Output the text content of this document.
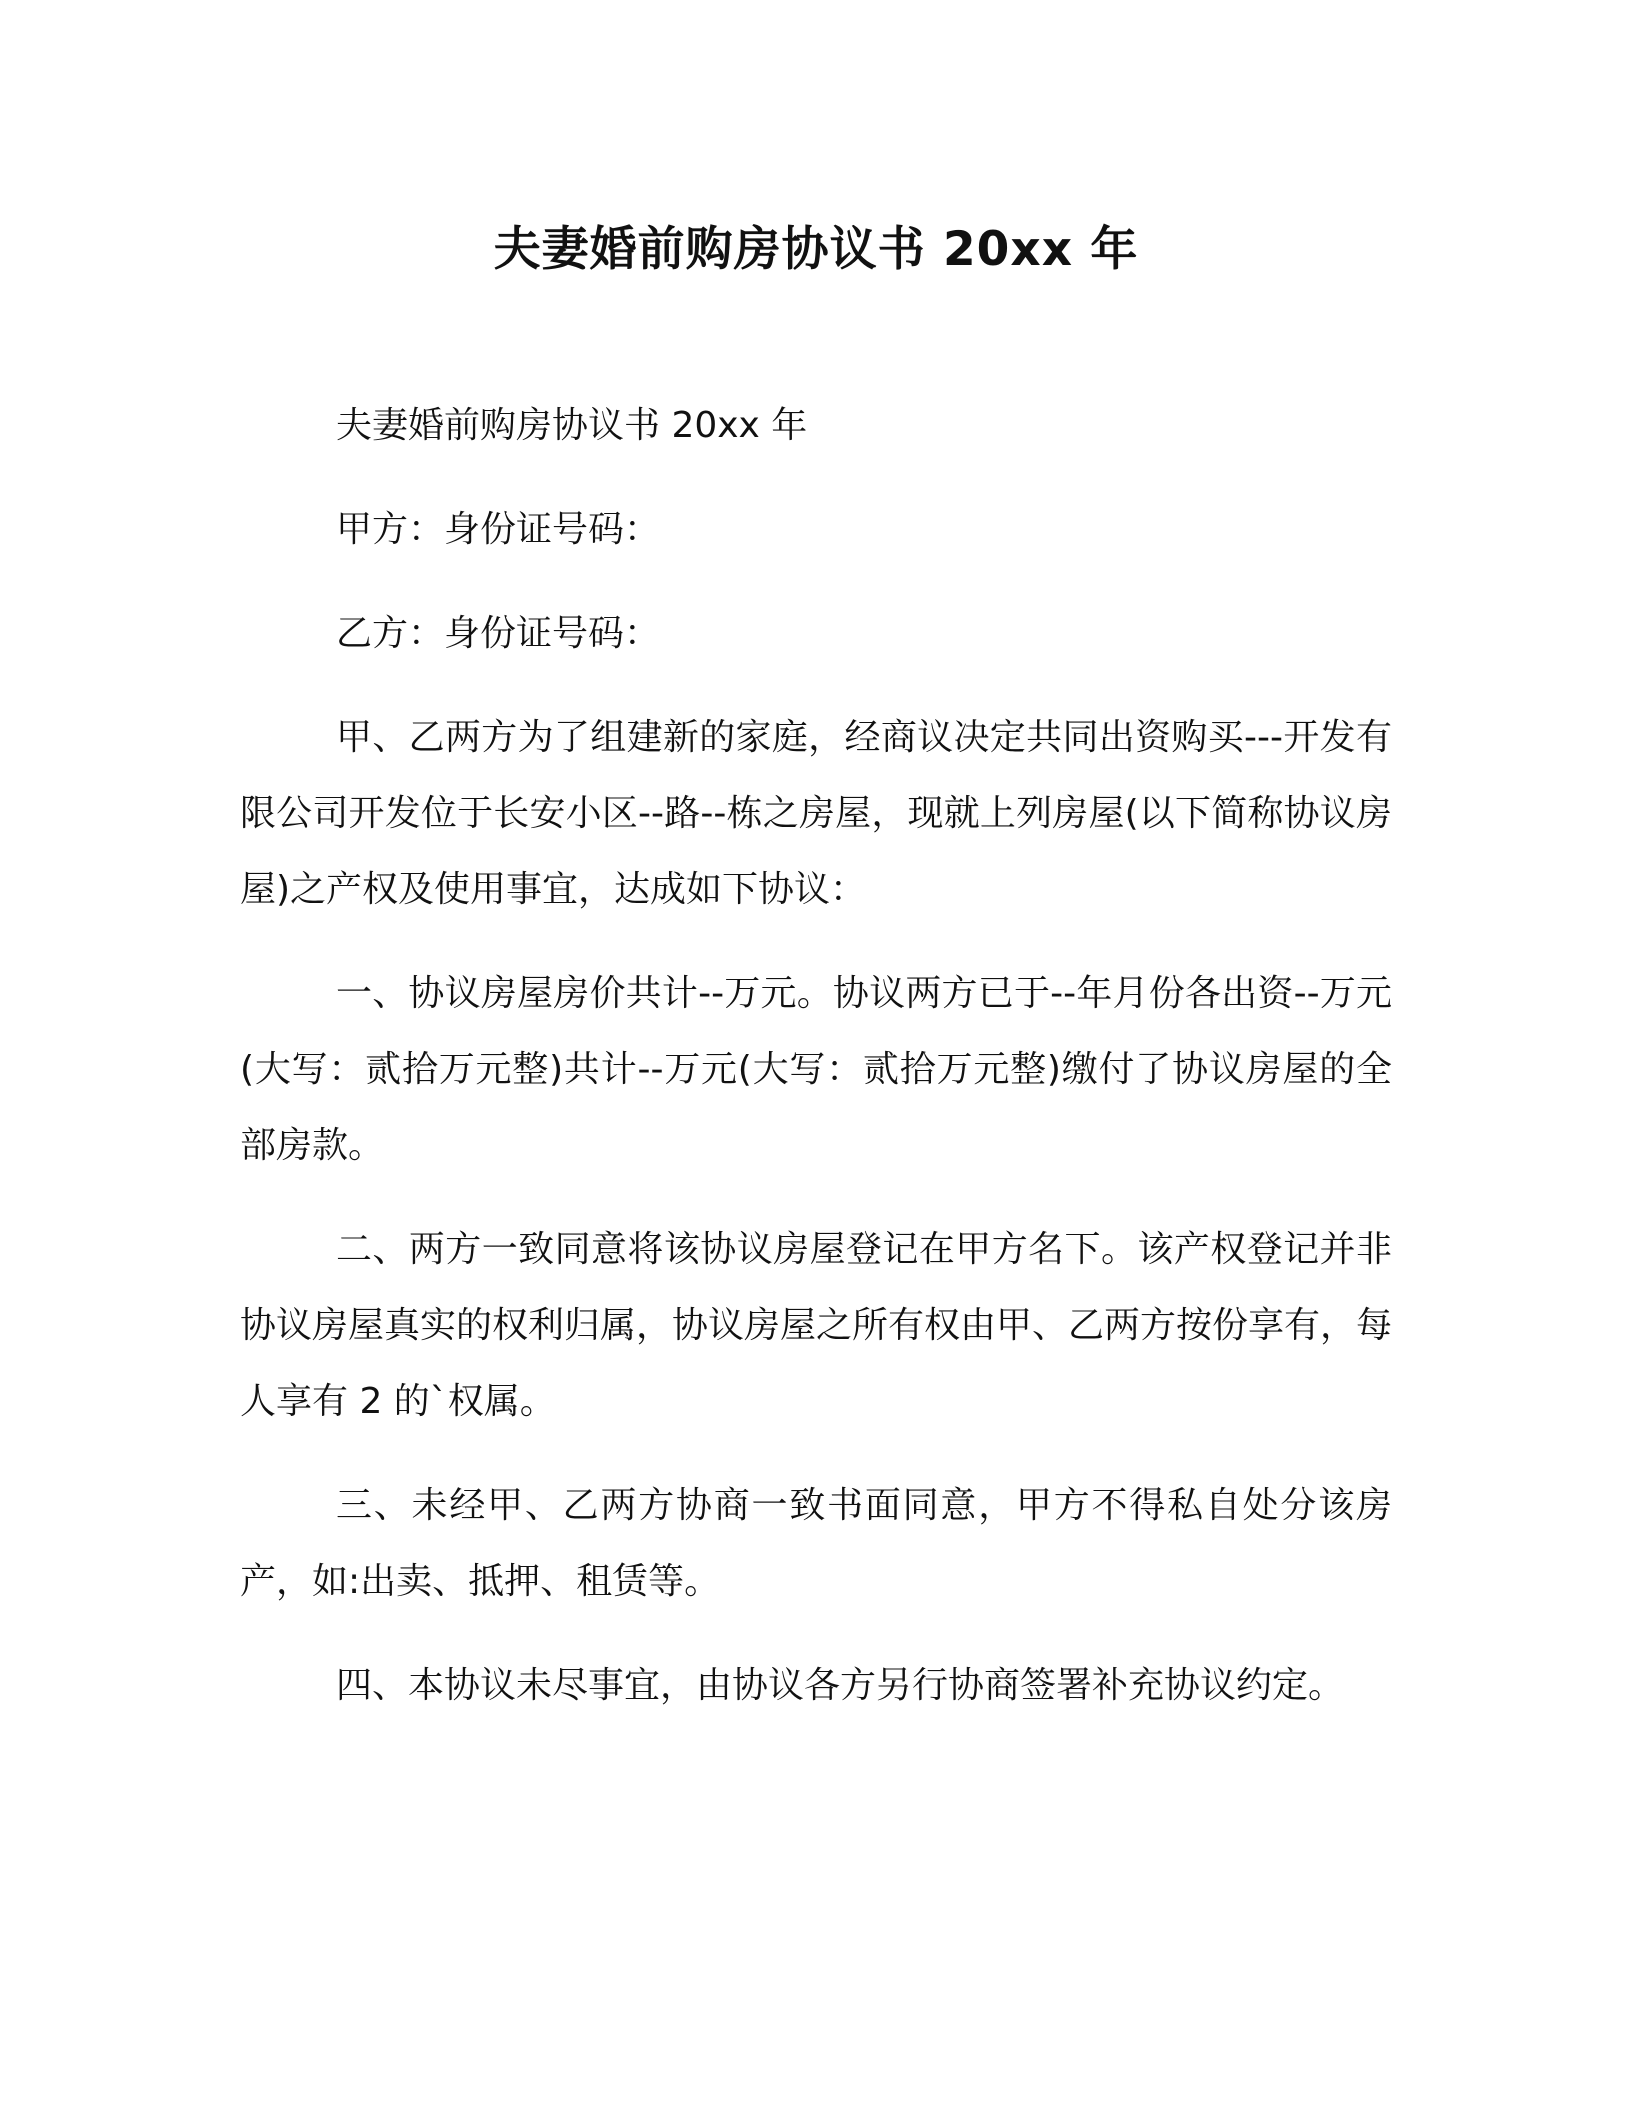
夫妻婚前购房协议书 20xx 年

夫妻婚前购房协议书 20xx 年

甲方：身份证号码：

乙方：身份证号码：

甲、乙两方为了组建新的家庭，经商议决定共同出资购买---开发有限公司开发位于长安小区--路--栋之房屋，现就上列房屋(以下简称协议房屋)之产权及使用事宜，达成如下协议：

一、协议房屋房价共计--万元。协议两方已于--年月份各出资--万元(大写：贰拾万元整)共计--万元(大写：贰拾万元整)缴付了协议房屋的全部房款。

二、两方一致同意将该协议房屋登记在甲方名下。该产权登记并非协议房屋真实的权利归属，协议房屋之所有权由甲、乙两方按份享有，每人享有 2 的`权属。

三、未经甲、乙两方协商一致书面同意，甲方不得私自处分该房产，如:出卖、抵押、租赁等。

四、本协议未尽事宜，由协议各方另行协商签署补充协议约定。
